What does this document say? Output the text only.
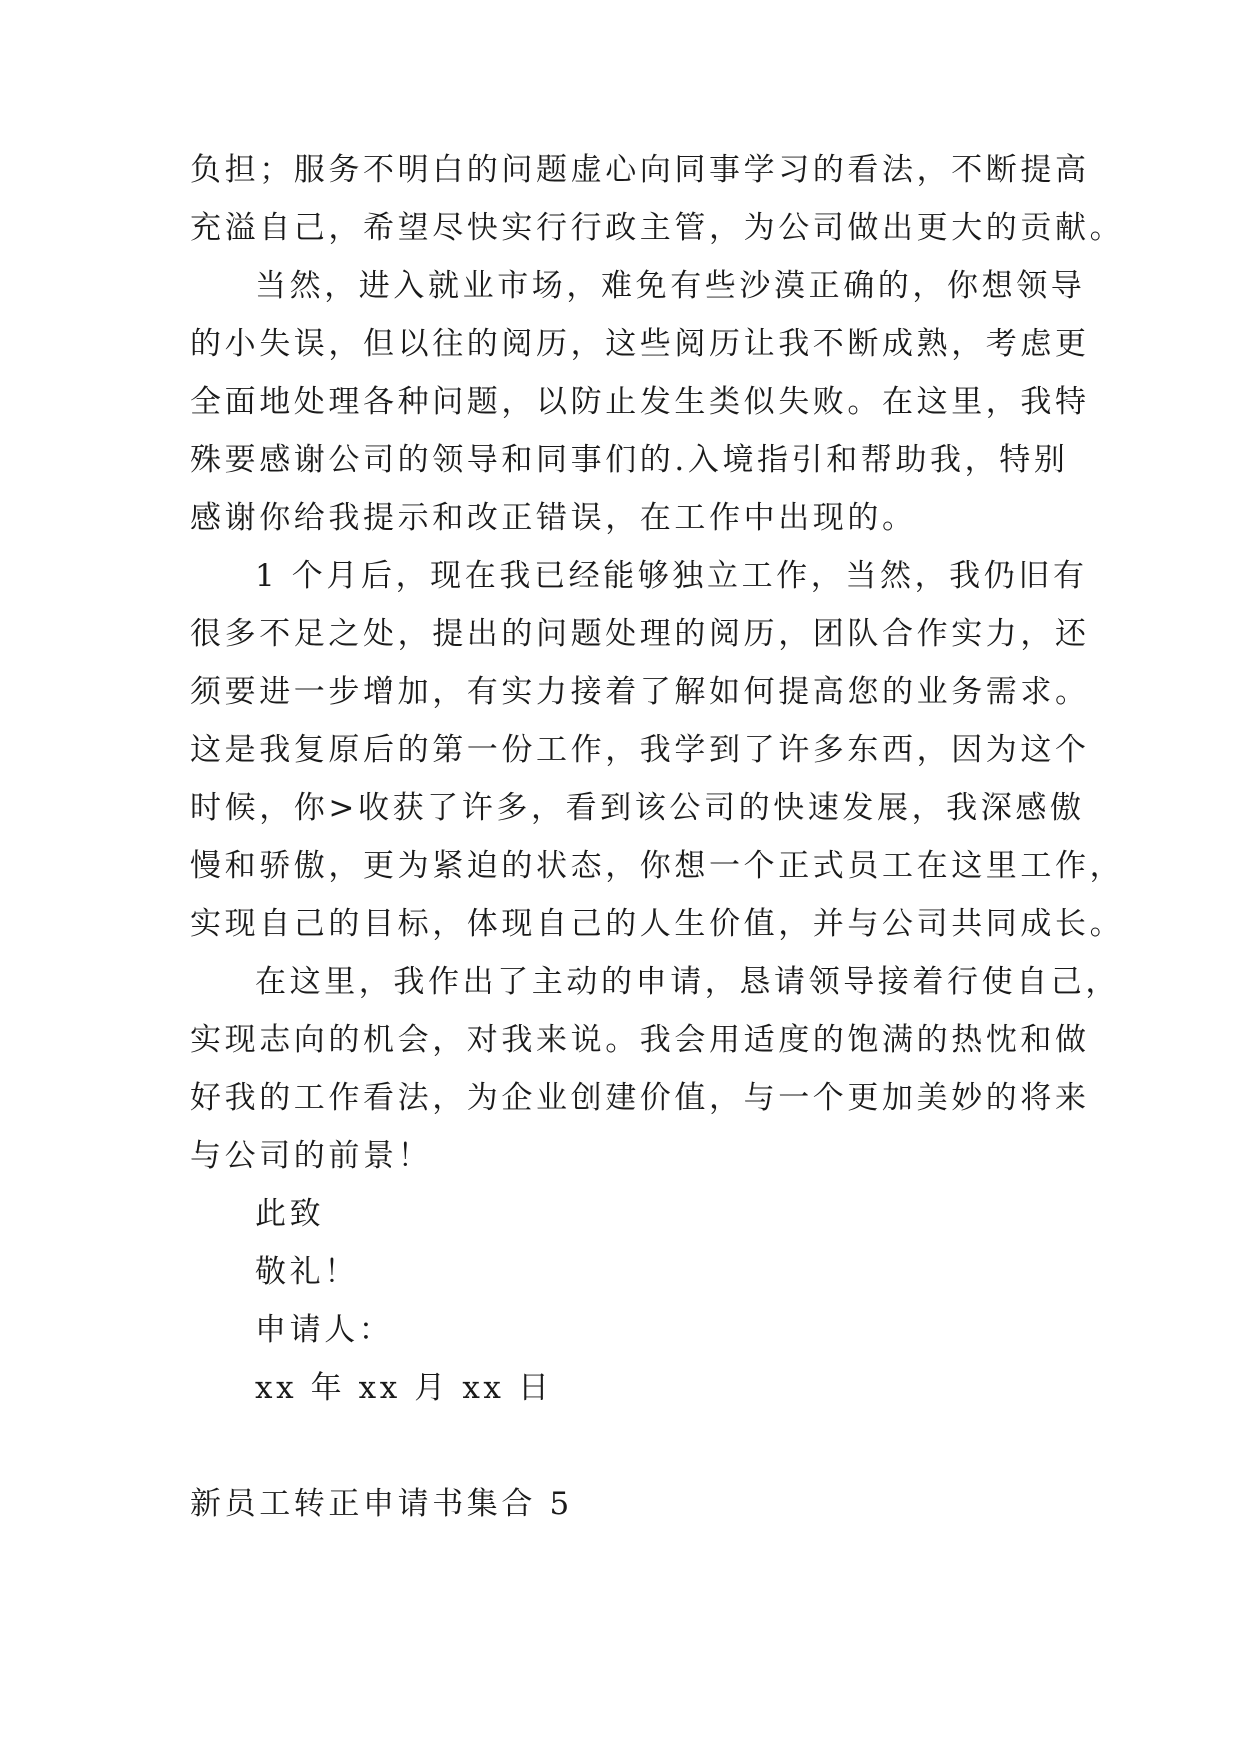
负担；服务不明白的问题虚心向同事学习的看法，不断提高
充溢自己，希望尽快实行行政主管，为公司做出更大的贡献。
当然，进入就业市场，难免有些沙漠正确的，你想领导
的小失误，但以往的阅历，这些阅历让我不断成熟，考虑更
全面地处理各种问题，以防止发生类似失败。在这里，我特
殊要感谢公司的领导和同事们的.入境指引和帮助我，特别
感谢你给我提示和改正错误，在工作中出现的。
1 个月后，现在我已经能够独立工作，当然，我仍旧有
很多不足之处，提出的问题处理的阅历，团队合作实力，还
须要进一步增加，有实力接着了解如何提高您的业务需求。
这是我复原后的第一份工作，我学到了许多东西，因为这个
时候，你>收获了许多，看到该公司的快速发展，我深感傲
慢和骄傲，更为紧迫的状态，你想一个正式员工在这里工作，
实现自己的目标，体现自己的人生价值，并与公司共同成长。
在这里，我作出了主动的申请，恳请领导接着行使自己，
实现志向的机会，对我来说。我会用适度的饱满的热忱和做
好我的工作看法，为企业创建价值，与一个更加美妙的将来
与公司的前景！
此致
敬礼！
申请人：
xx 年 xx 月 xx 日
新员工转正申请书集合 5
